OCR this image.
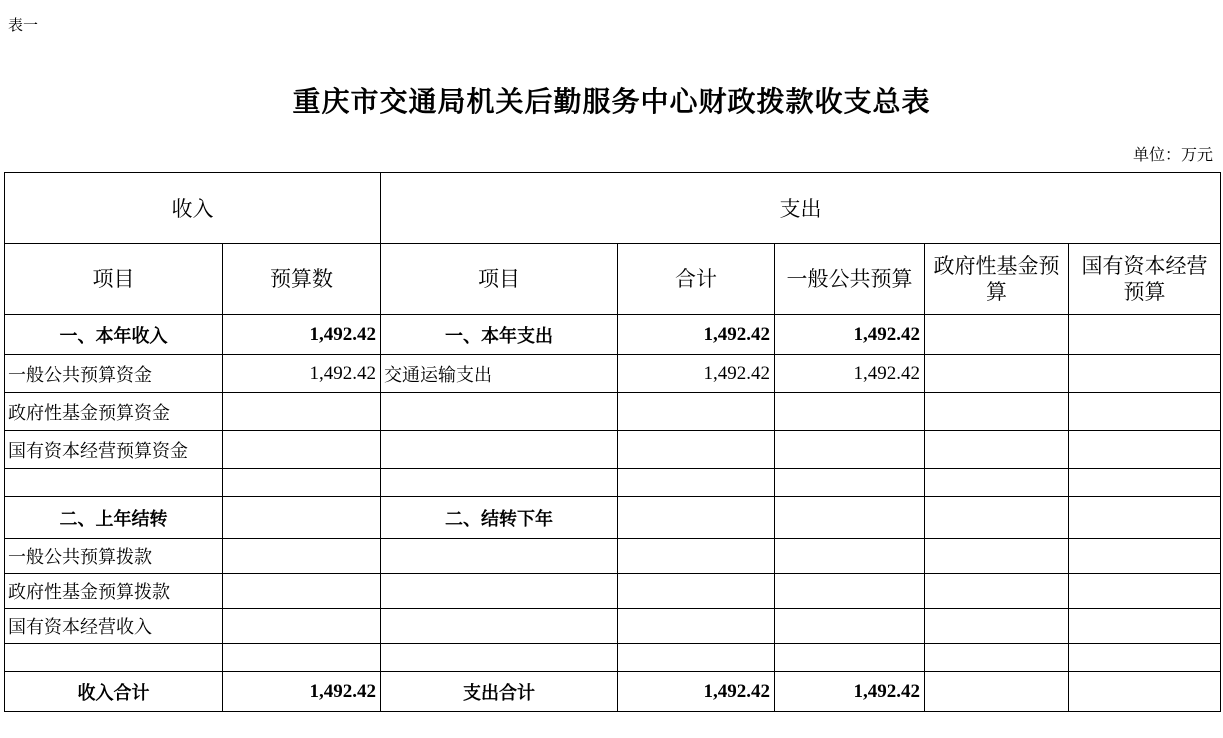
表一
重庆市交通局机关后勤服务中心财政拨款收支总表
单位：万元
收入		支出				
项目	预算数	项目	合计	一般公共预算	政府性基金预算	国有资本经营预算
一、本年收入	1,492.42	一、本年支出	1,492.42	1,492.42		
一般公共预算资金	1,492.42	交通运输支出	1,492.42	1,492.42		
政府性基金预算资金						
国有资本经营预算资金						

二、上年结转		二、结转下年				
一般公共预算拨款						
政府性基金预算拨款						
国有资本经营收入						

收入合计	1,492.42	支出合计	1,492.42	1,492.42		
